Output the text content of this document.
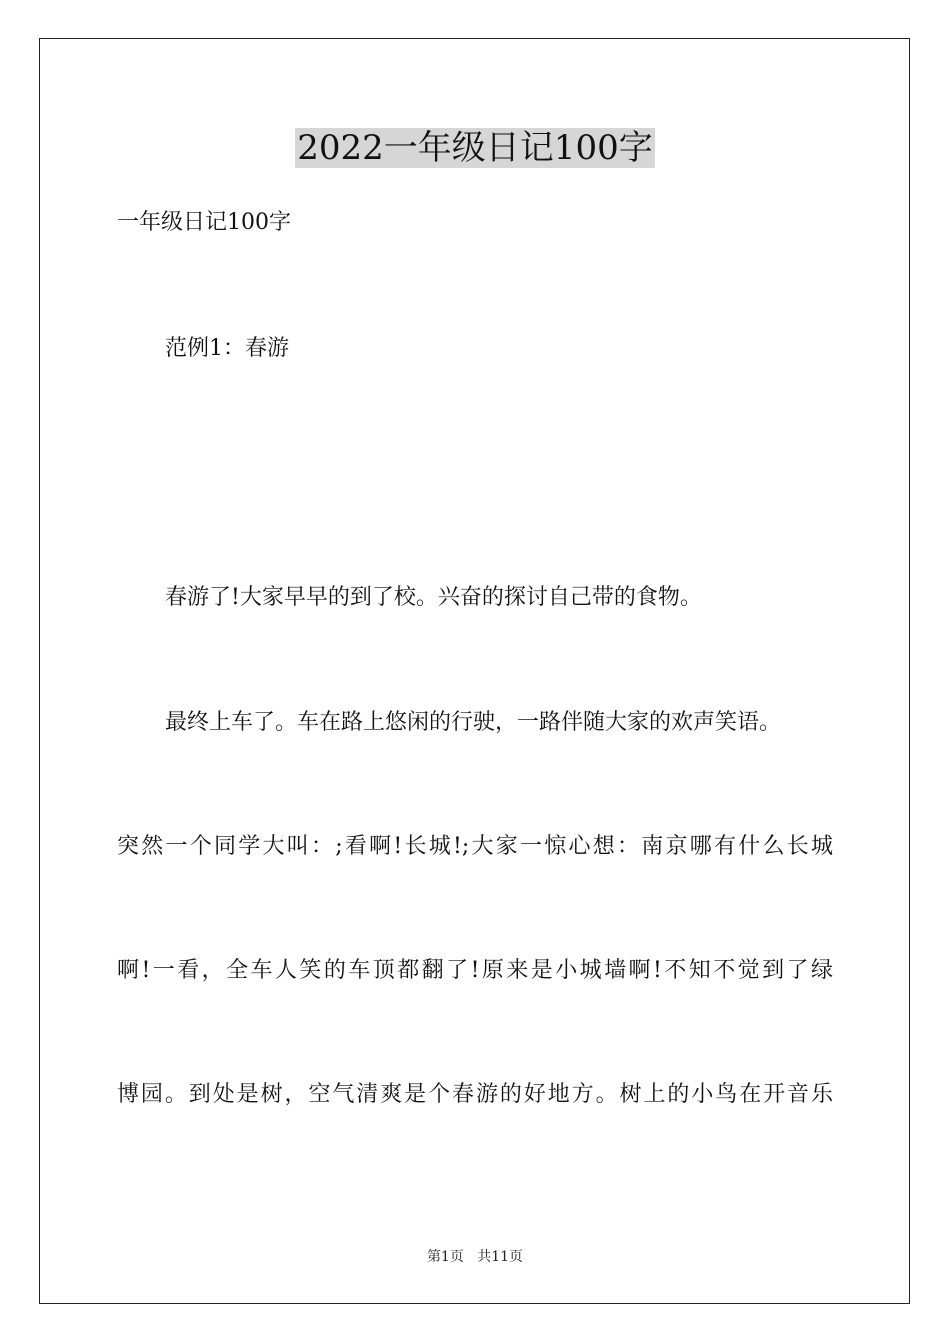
2022一年级日记100字
一年级日记100字
范例1：春游
春游了!大家早早的到了校。兴奋的探讨自己带的食物。
最终上车了。车在路上悠闲的行驶，一路伴随大家的欢声笑语。
突然一个同学大叫：;看啊!长城!;大家一惊心想：南京哪有什么长城
啊!一看，全车人笑的车顶都翻了!原来是小城墙啊!不知不觉到了绿
博园。到处是树，空气清爽是个春游的好地方。树上的小鸟在开音乐
第1页 共11页
